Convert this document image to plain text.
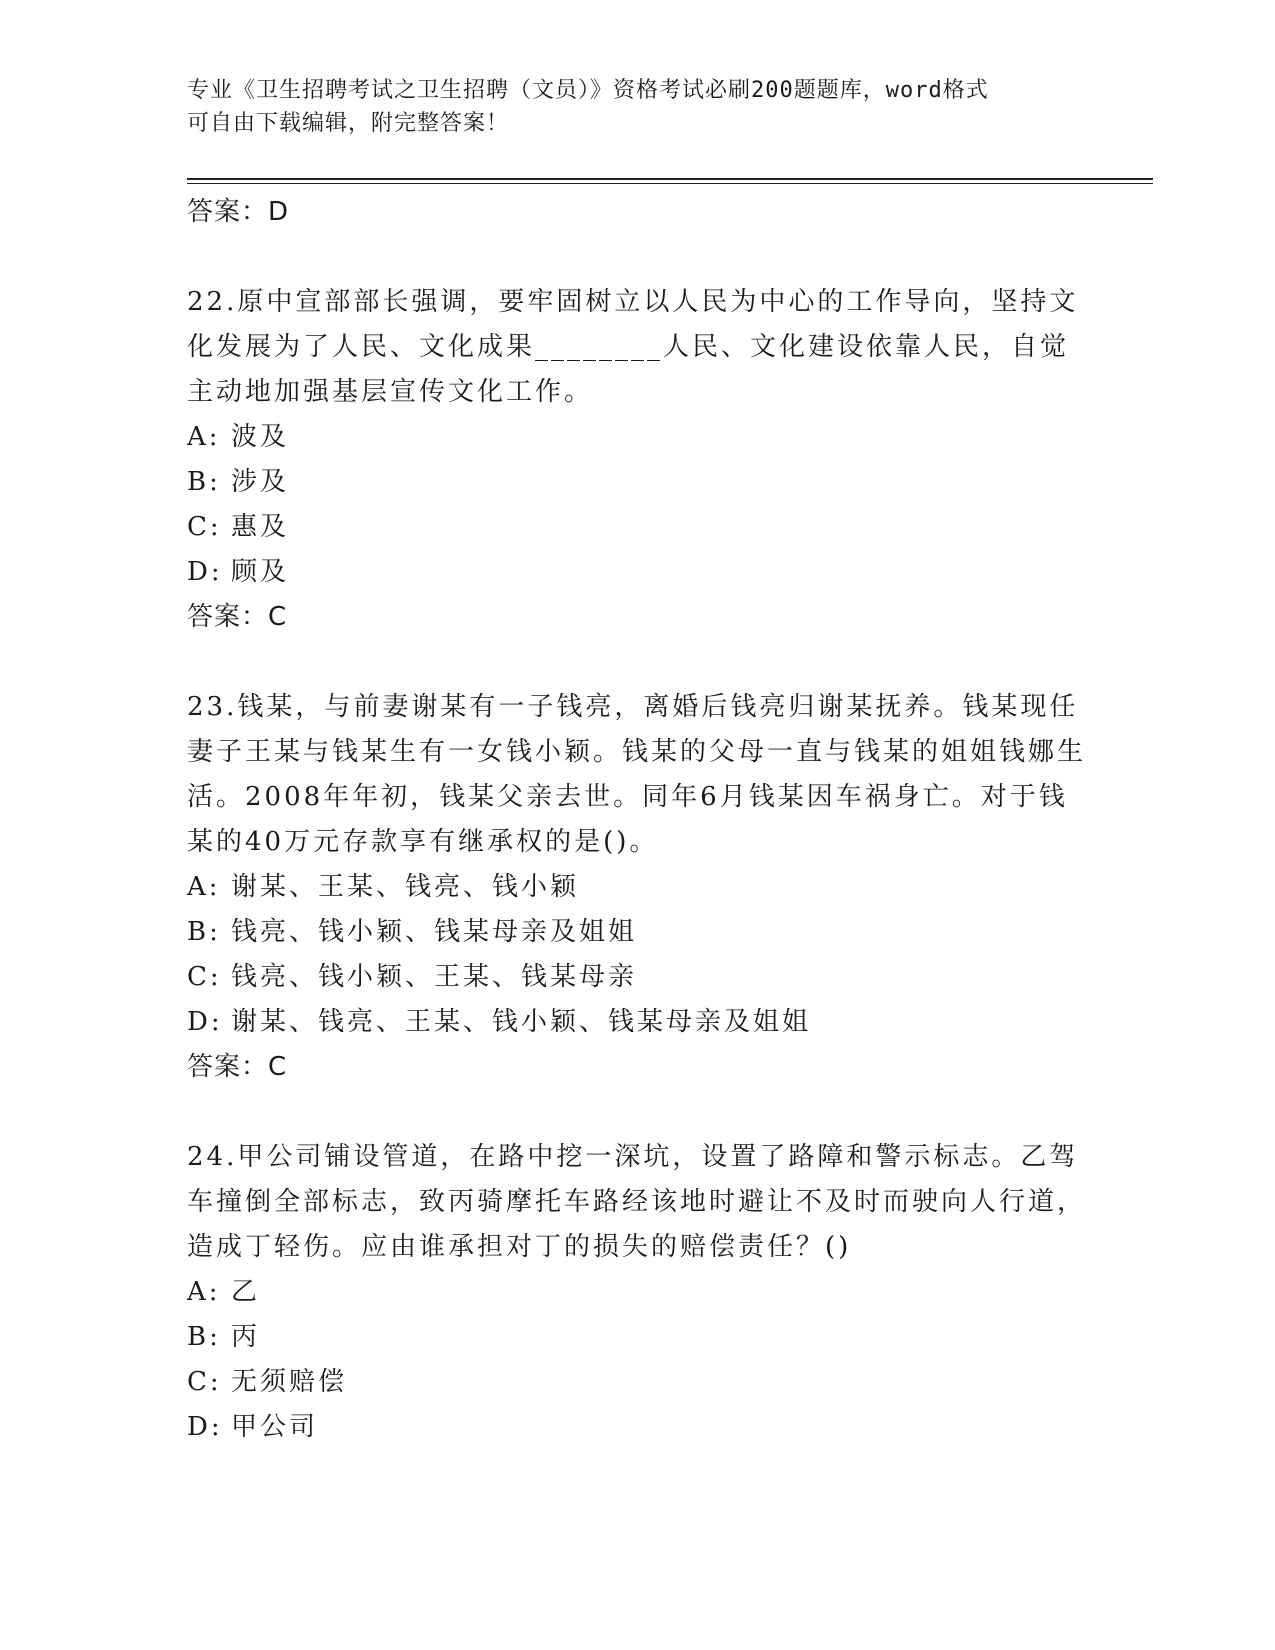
专业《卫生招聘考试之卫生招聘（文员）》资格考试必刷200题题库，word格式
可自由下载编辑，附完整答案！

答案：D

22.原中宣部部长强调，要牢固树立以人民为中心的工作导向，坚持文化发展为了人民、文化成果________人民、文化建设依靠人民，自觉主动地加强基层宣传文化工作。

A: 波及
B: 涉及
C: 惠及
D: 顾及

答案：C

23.钱某，与前妻谢某有一子钱亮，离婚后钱亮归谢某抚养。钱某现任妻子王某与钱某生有一女钱小颖。钱某的父母一直与钱某的姐姐钱娜生活。2008年年初，钱某父亲去世。同年6月钱某因车祸身亡。对于钱某的40万元存款享有继承权的是()。

A: 谢某、王某、钱亮、钱小颖
B: 钱亮、钱小颖、钱某母亲及姐姐
C: 钱亮、钱小颖、王某、钱某母亲
D: 谢某、钱亮、王某、钱小颖、钱某母亲及姐姐

答案：C

24.甲公司铺设管道，在路中挖一深坑，设置了路障和警示标志。乙驾车撞倒全部标志，致丙骑摩托车路经该地时避让不及时而驶向人行道，造成丁轻伤。应由谁承担对丁的损失的赔偿责任？()

A: 乙
B: 丙
C: 无须赔偿
D: 甲公司
